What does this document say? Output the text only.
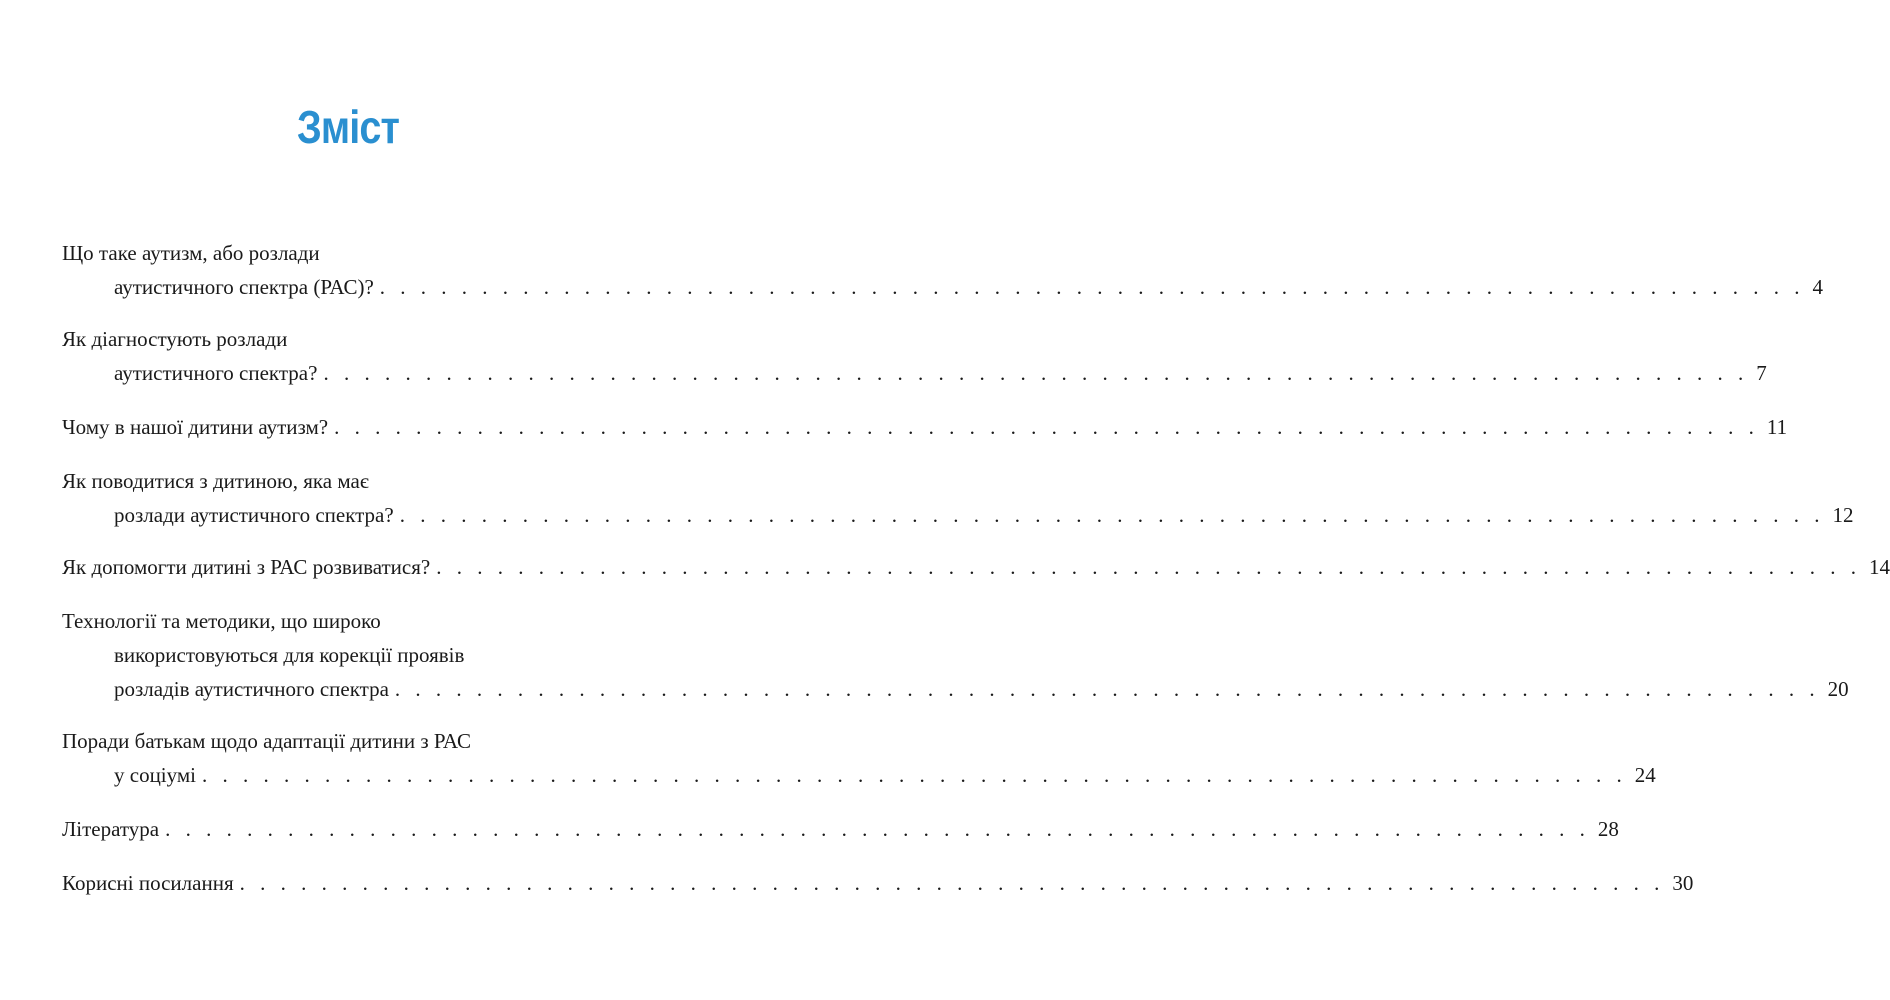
Зміст
Що таке аутизм, або розлади
аутистичного спектра (РАС)? . . . . . . . . . . . . . . . . . . . . . . . . . . . . . . . . . . . . . . . . . . . . . . . . . . . . . . . . . . . . . . . . . . . . . . 4
Як діагностують розлади
аутистичного спектра? . . . . . . . . . . . . . . . . . . . . . . . . . . . . . . . . . . . . . . . . . . . . . . . . . . . . . . . . . . . . . . . . . . . . . . 7
Чому в нашої дитини аутизм? . . . . . . . . . . . . . . . . . . . . . . . . . . . . . . . . . . . . . . . . . . . . . . . . . . . . . . . . . . . . . . . . . . . . . . 11
Як поводитися з дитиною, яка має
розлади аутистичного спектра? . . . . . . . . . . . . . . . . . . . . . . . . . . . . . . . . . . . . . . . . . . . . . . . . . . . . . . . . . . . . . . . . . . . . . . 12
Як допомогти дитині з РАС розвиватися? . . . . . . . . . . . . . . . . . . . . . . . . . . . . . . . . . . . . . . . . . . . . . . . . . . . . . . . . . . . . . . . . . . . . . . 14
Технології та методики, що широко
використовуються для корекції проявів
розладів аутистичного спектра . . . . . . . . . . . . . . . . . . . . . . . . . . . . . . . . . . . . . . . . . . . . . . . . . . . . . . . . . . . . . . . . . . . . . . 20
Поради батькам щодо адаптації дитини з РАС
у соціумі . . . . . . . . . . . . . . . . . . . . . . . . . . . . . . . . . . . . . . . . . . . . . . . . . . . . . . . . . . . . . . . . . . . . . . 24
Література . . . . . . . . . . . . . . . . . . . . . . . . . . . . . . . . . . . . . . . . . . . . . . . . . . . . . . . . . . . . . . . . . . . . . . 28
Корисні посилання . . . . . . . . . . . . . . . . . . . . . . . . . . . . . . . . . . . . . . . . . . . . . . . . . . . . . . . . . . . . . . . . . . . . . . 30
